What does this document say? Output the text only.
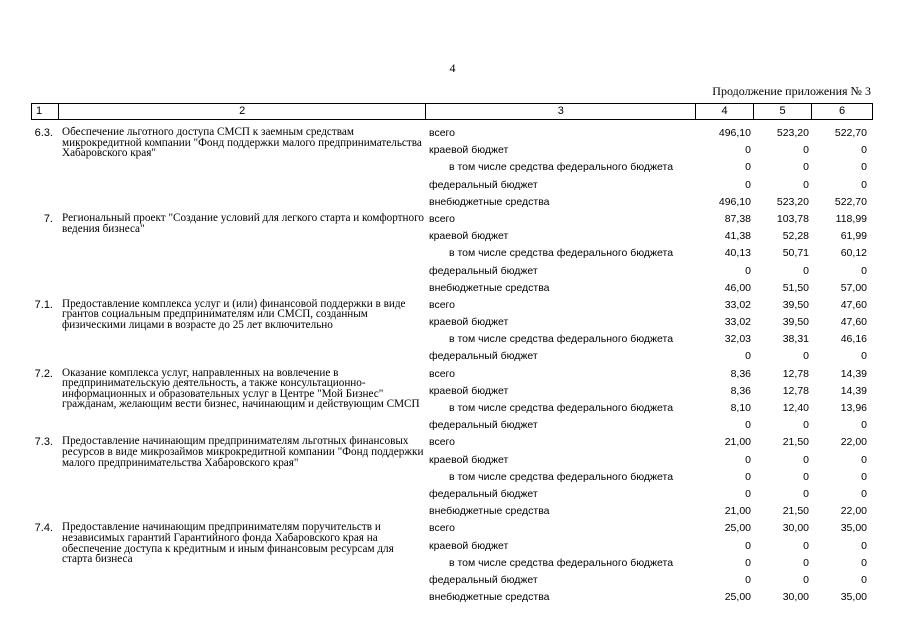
4
Продолжение приложения № 3
1	2	3	4	5	6
6.3. Обеспечение льготного доступа СМСП к заемным средствам микрокредитной компании "Фонд поддержки малого предпринимательства Хабаровского края"
всего	496,10 523,20 522,70
краевой бюджет	0	0	0
в том числе средства федерального бюджета	0	0	0
федеральный бюджет	0	0	0
внебюджетные средства	496,10 523,20 522,70
7. Региональный проект "Создание условий для легкого старта и комфортного ведения бизнеса"
всего	87,38 103,78	118,99
краевой бюджет	41,38	52,28	61,99
в том числе средства федерального бюджета	40,13	50,71	60,12
федеральный бюджет	0	0	0
внебюджетные средства	46,00	51,50	57,00
7.1. Предоставление комплекса услуг и (или) финансовой поддержки в виде грантов социальным предпринимателям или СМСП, созданным физическими лицами в возрасте до 25 лет включительно
всего	33,02	39,50	47,60
краевой бюджет	33,02	39,50	47,60
в том числе средства федерального бюджета	32,03	38,31	46,16
федеральный бюджет	0	0	0
7.2. Оказание комплекса услуг, направленных на вовлечение в предпринимательскую деятельность, а также консультационно-информационных и образовательных услуг в Центре "Мой Бизнес" гражданам, желающим вести бизнес, начинающим и действующим СМСП
всего	8,36	12,78	14,39
краевой бюджет	8,36	12,78	14,39
в том числе средства федерального бюджета	8,10	12,40	13,96
федеральный бюджет	0	0	0
7.3. Предоставление начинающим предпринимателям льготных финансовых ресурсов в виде микрозаймов микрокредитной компании "Фонд поддержки малого предпринимательства Хабаровского края"
всего	21,00	21,50	22,00
краевой бюджет	0	0	0
в том числе средства федерального бюджета	0	0	0
федеральный бюджет	0	0	0
внебюджетные средства	21,00	21,50	22,00
7.4. Предоставление начинающим предпринимателям поручительств и независимых гарантий Гарантийного фонда Хабаровского края на обеспечение доступа к кредитным и иным финансовым ресурсам для старта бизнеса
всего	25,00	30,00	35,00
краевой бюджет	0	0	0
в том числе средства федерального бюджета	0	0	0
федеральный бюджет	0	0	0
внебюджетные средства	25,00	30,00	35,00
